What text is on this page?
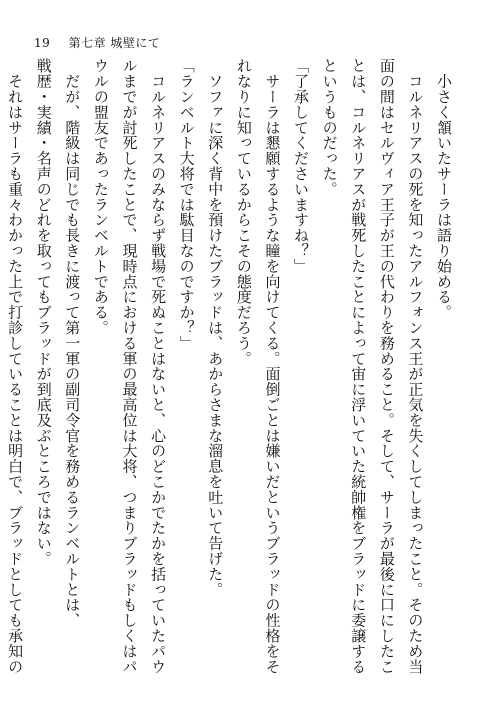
19 第七章 城壁にて
　小さく頷いたサーラは語り始める。
　コルネリアスの死を知ったアルフォンス王が正気を失くしてしまったこと。そのため当
面の間はセルヴィア王子が王の代わりを務めること。そして、サーラが最後に口にしたこ
とは、コルネリアスが戦死したことによって宙に浮いていた統帥権をブラッドに委譲する
というものだった。
「了承してくださいますね？」
　サーラは懇願するような瞳を向けてくる。面倒ごとは嫌いだというブラッドの性格をそ
れなりに知っているからこその態度だろう。
　ソファに深く背中を預けたブラッドは、あからさまな溜息を吐いて告げた。
「ランベルト大将では駄目なのですか？」
　コルネリアスのみならず戦場で死ぬことはないと、心のどこかでたかを括っていたパウ
ルまでが討死したことで、現時点における軍の最高位は大将、つまりブラッドもしくはパ
ウルの盟友であったランベルトである。
　だが、階級は同じでも長きに渡って第一軍の副司令官を務めるランベルトとは、
戦歴・実績・名声のどれを取ってもブラッドが到底及ぶところではない。
　それはサーラも重々わかった上で打診していることは明白で、ブラッドとしても承知の
